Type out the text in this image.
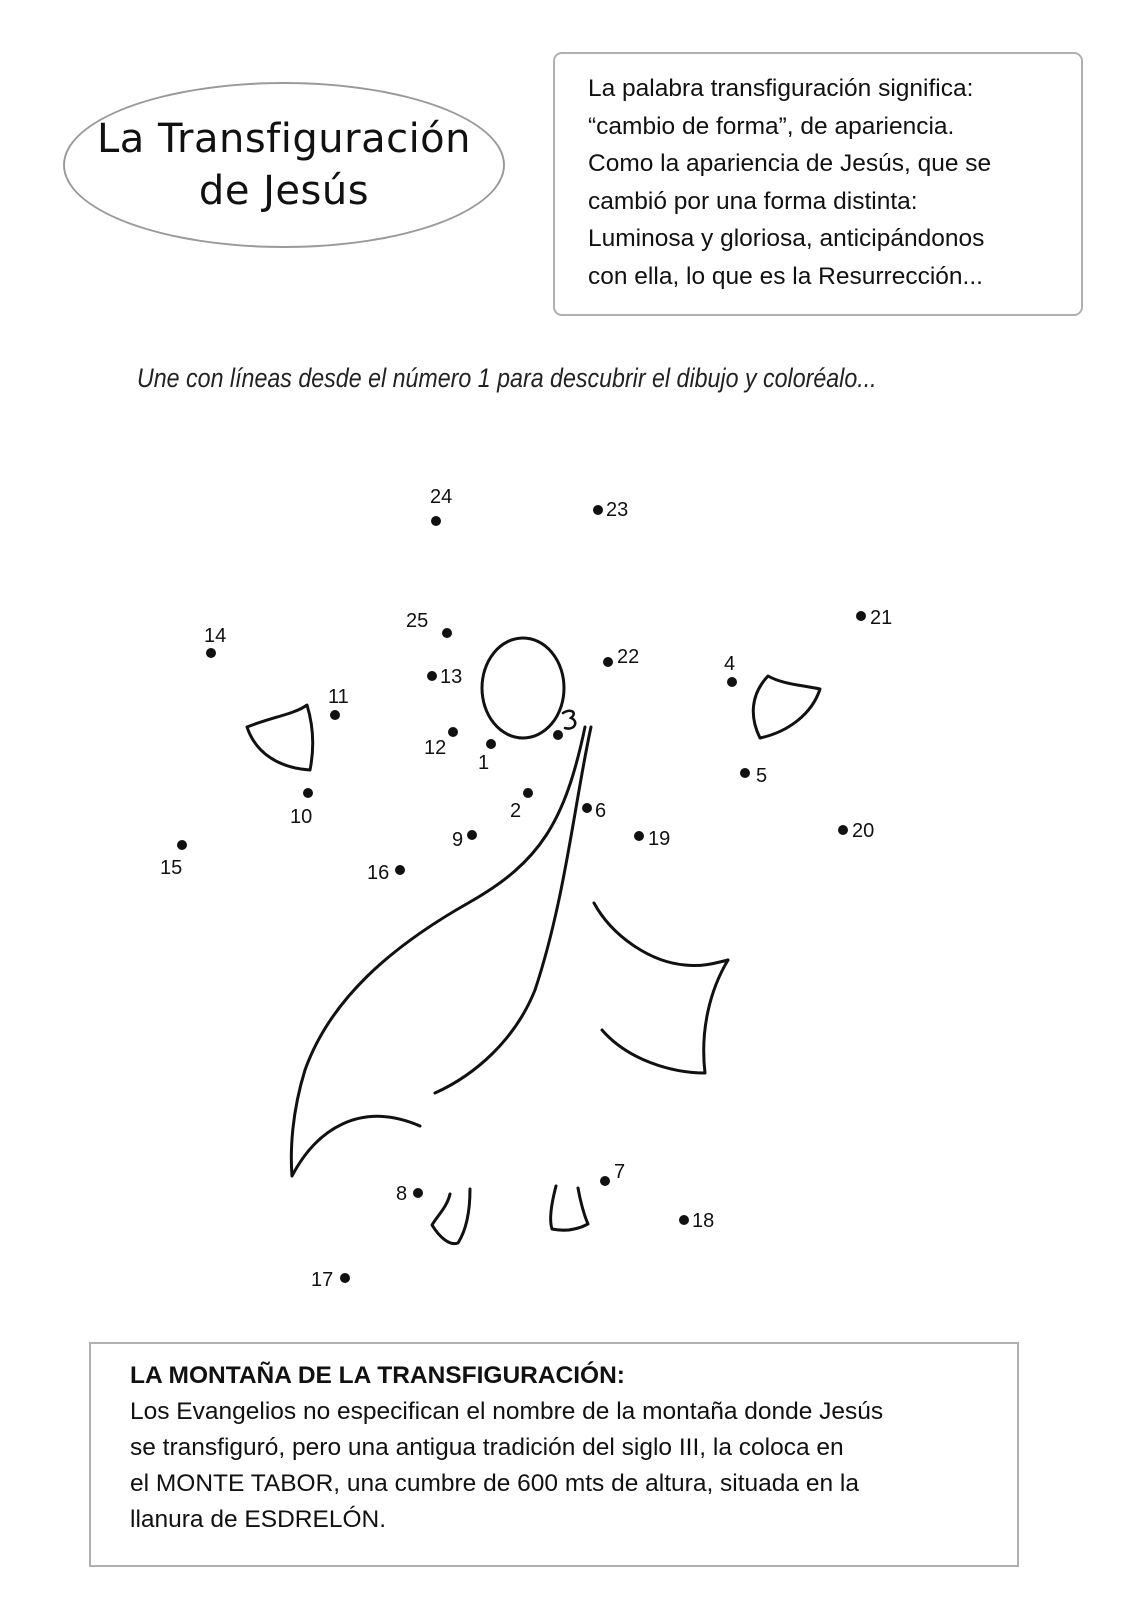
La Transfiguración
de Jesús
La palabra transfiguración significa:
“cambio de forma”, de apariencia.
Como la apariencia de Jesús, que se
cambió por una forma distinta:
Luminosa y gloriosa, anticipándonos
con ella, lo que es la Resurrección...
Une con líneas desde el número 1 para descubrir el dibujo y coloréalo...
1
2
4
5
6
7
8
9
10
11
12
13
14
15	16
17
18
19	20
21
22
23
24
25
LA MONTAÑA DE LA TRANSFIGURACIÓN:
Los Evangelios no especifican el nombre de la montaña donde Jesús
se transfiguró, pero una antigua tradición del siglo III, la coloca en
el MONTE TABOR, una cumbre de 600 mts de altura, situada en la
llanura de ESDRELÓN.
